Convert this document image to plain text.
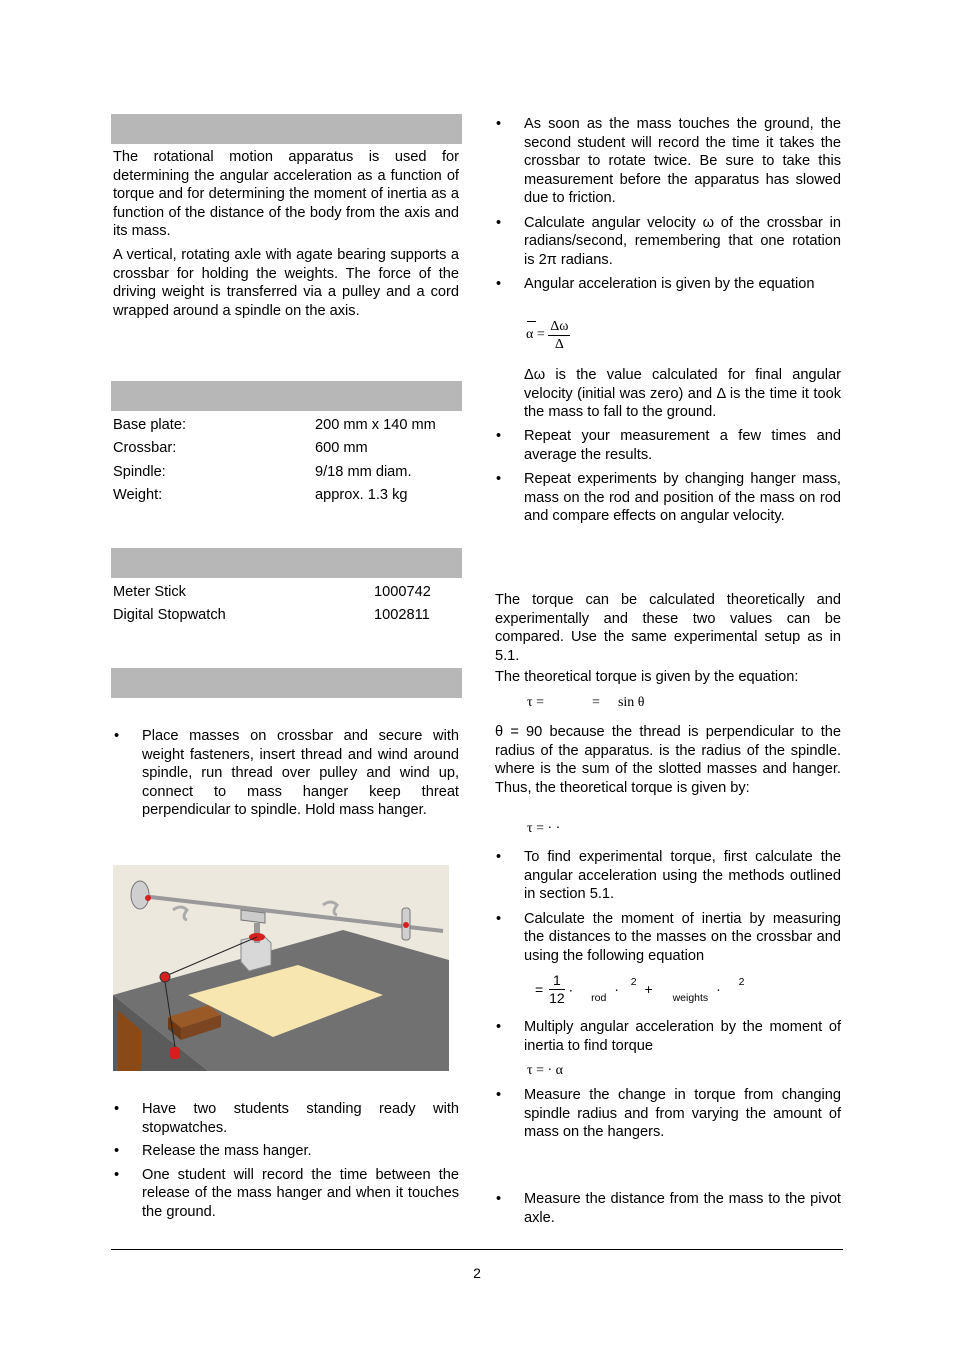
The rotational motion apparatus is used for determining the angular acceleration as a function of torque and for determining the moment of inertia as a function of the distance of the body from the axis and its mass.

A vertical, rotating axle with agate bearing supports a crossbar for holding the weights. The force of the driving weight is transferred via a pulley and a cord wrapped around a spindle on the axis.

Base plate:	200 mm x 140 mm
Crossbar:	600 mm
Spindle:	9/18 mm diam.
Weight:	approx. 1.3 kg
Meter Stick	1000742
Digital Stopwatch	1002811
• Place masses on crossbar and secure with weight fasteners, insert thread and wind around spindle, run thread over pulley and wind up, connect to mass hanger keep threat perpendicular to spindle. Hold mass hanger.
• Have two students standing ready with stopwatches.
• Release the mass hanger.
• One student will record the time between the release of the mass hanger and when it touches the ground.
• As soon as the mass touches the ground, the second student will record the time it takes the crossbar to rotate twice. Be sure to take this measurement before the apparatus has slowed due to friction.
• Calculate angular velocity ω of the crossbar in radians/second, remembering that one rotation is 2π radians.
• Angular acceleration is given by the equation
$\alpha = \frac{\Delta\omega}{\Delta}$

Δω is the value calculated for final angular velocity (initial was zero) and Δ is the time it took the mass to fall to the ground.

• Repeat your measurement a few times and average the results.
• Repeat experiments by changing hanger mass, mass on the rod and position of the mass on rod and compare effects on angular velocity.

The torque can be calculated theoretically and experimentally and these two values can be compared. Use the same experimental setup as in 5.1.

The theoretical torque is given by the equation:

τ =	= sin θ

θ = 90 because the thread is perpendicular to the radius of the apparatus. is the radius of the spindle. where is the sum of the slotted masses and hanger. Thus, the theoretical torque is given by:

τ = · ·
• To find experimental torque, first calculate the angular acceleration using the methods outlined in section 5.1.
• Calculate the moment of inertia by measuring the distances to the masses on the crossbar and using the following equation
= $\frac{1}{12} \cdot _{rod} \cdot ^2 + _{weights} \cdot ^2$
• Multiply angular acceleration by the moment of inertia to find torque
τ = · α
• Measure the change in torque from changing spindle radius and from varying the amount of mass on the hangers.
• Measure the distance from the mass to the pivot axle.
2
